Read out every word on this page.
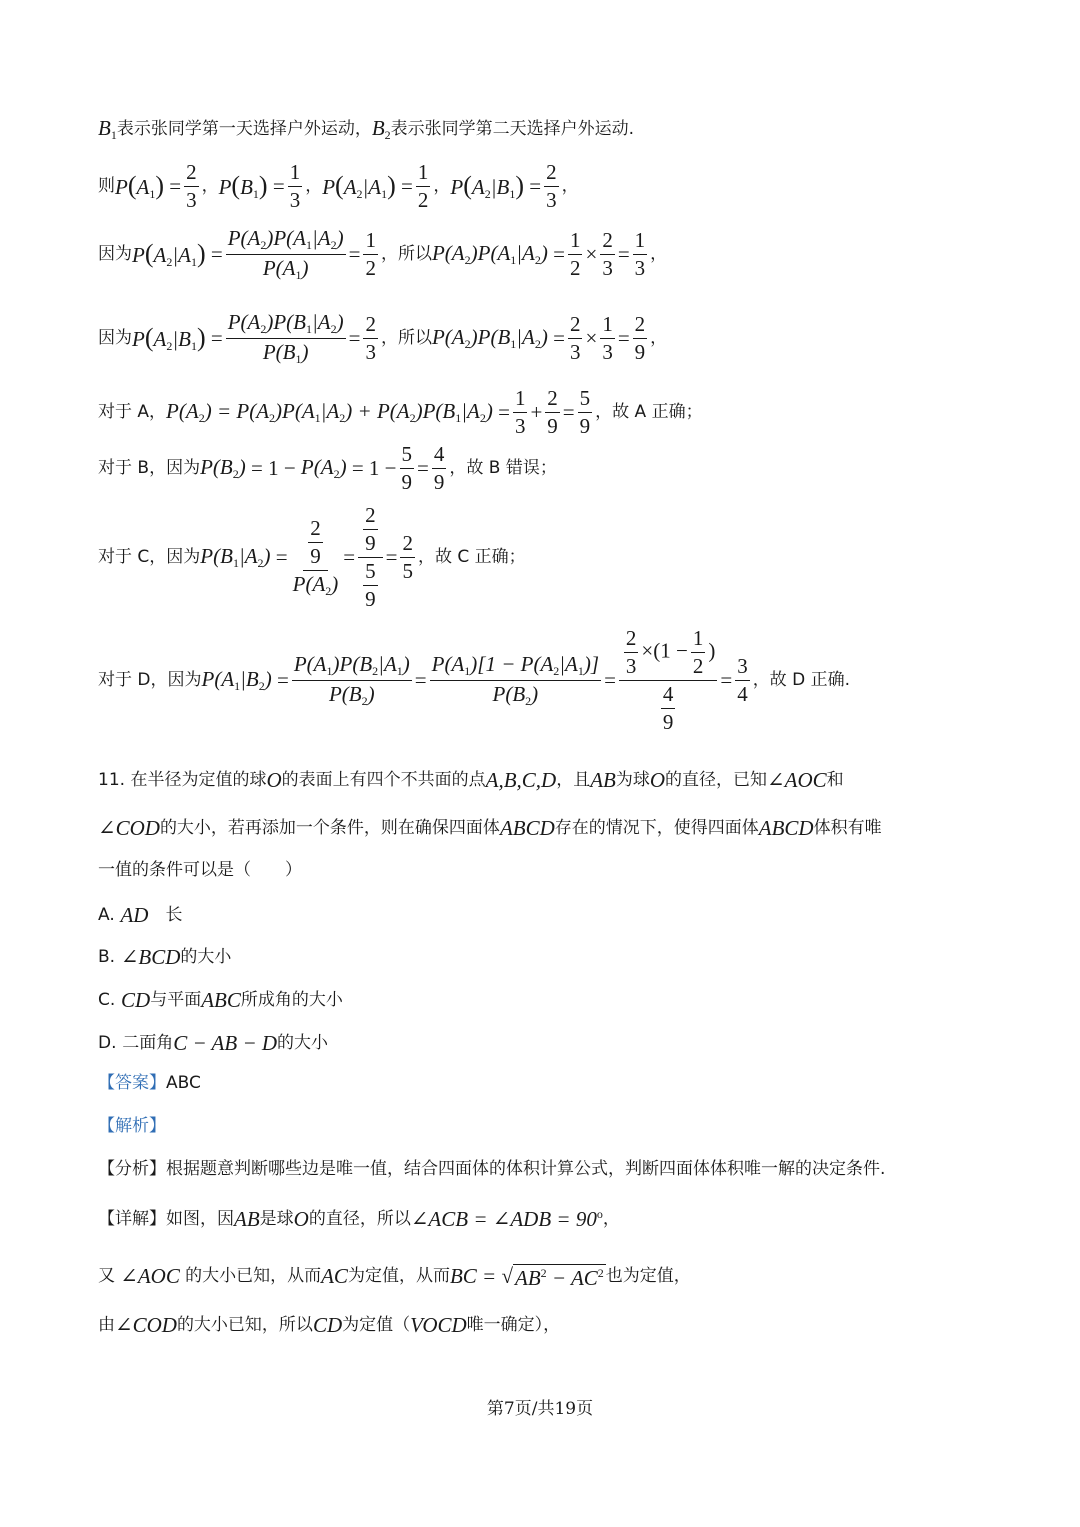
$B_1$ 表示张同学第一天选择户外运动， $B_2$ 表示张同学第二天选择户外运动.
则 $P(A_1) = \frac{2}{3}$ ， $P(B_1) = \frac{1}{3}$ ， $P(A_2|A_1) = \frac{1}{2}$ ， $P(A_2|B_1) = \frac{2}{3}$ ，
因为 $P(A_2|A_1) = \frac{P(A_2)P(A_1|A_2)}{P(A_1)} = \frac{1}{2}$ ，所以 $P(A_2)P(A_1|A_2) = \frac{1}{2} \times \frac{2}{3} = \frac{1}{3}$ ，
因为 $P(A_2|B_1) = \frac{P(A_2)P(B_1|A_2)}{P(B_1)} = \frac{2}{3}$ ，所以 $P(A_2)P(B_1|A_2) = \frac{2}{3} \times \frac{1}{3} = \frac{2}{9}$ ，
对于 A， $P(A_2) = P(A_2)P(A_1|A_2) + P(A_2)P(B_1|A_2) = \frac{1}{3} + \frac{2}{9} = \frac{5}{9}$ ，故 A 正确；
对于 B，因为 $P(B_2) = 1 - P(A_2) = 1 - \frac{5}{9} = \frac{4}{9}$ ，故 B 错误；
对于 C，因为 $P(B_1|A_2) = \frac{\frac{2}{9}}{P(A_2)} = \frac{\frac{2}{9}}{\frac{5}{9}} = \frac{2}{5}$ ，故 C 正确；
对于 D，因为 $P(A_1|B_2) = \frac{P(A_1)P(B_2|A_1)}{P(B_2)} = \frac{P(A_1)[1 - P(A_2|A_1)]}{P(B_2)} = \frac{\frac{2}{3} \times(1 - \frac{1}{2} )}{\frac{4}{9}} = \frac{3}{4}$ ，故 D 正确.
11.
在半径为定值的球 O 的表面上有四个不共面的点 A,B,C,D ，且 AB 为球 O 的直径，已知 ∠AOC 和
∠COD 的大小，若再添加一个条件，则在确保四面体 ABCD 存在的情况下，使得四面体 ABCD 体积有唯
一值的条件可以是（　　）
A.
AD 　长
B.
∠BCD 的大小
C.
CD 与平面 ABC 所成角的大小
D.
二面角 C − AB − D 的大小
【答案】 ABC
【解析】
【分析】 根据题意判断哪些边是唯一值，结合四面体的体积计算公式，判断四面体体积唯一解的决定条件.
【详解】 如图，因 AB 是球 O 的直径，所以 ∠ACB = ∠ADB = $90^o$ ，
又 ∠AOC 的大小已知，从而 AC 为定值，从而 BC = √ $AB^2 - AC^2$ 也为定值，
由 ∠COD 的大小已知，所以 CD 为定值（ VOCD 唯一确定），
第7页/共19页
